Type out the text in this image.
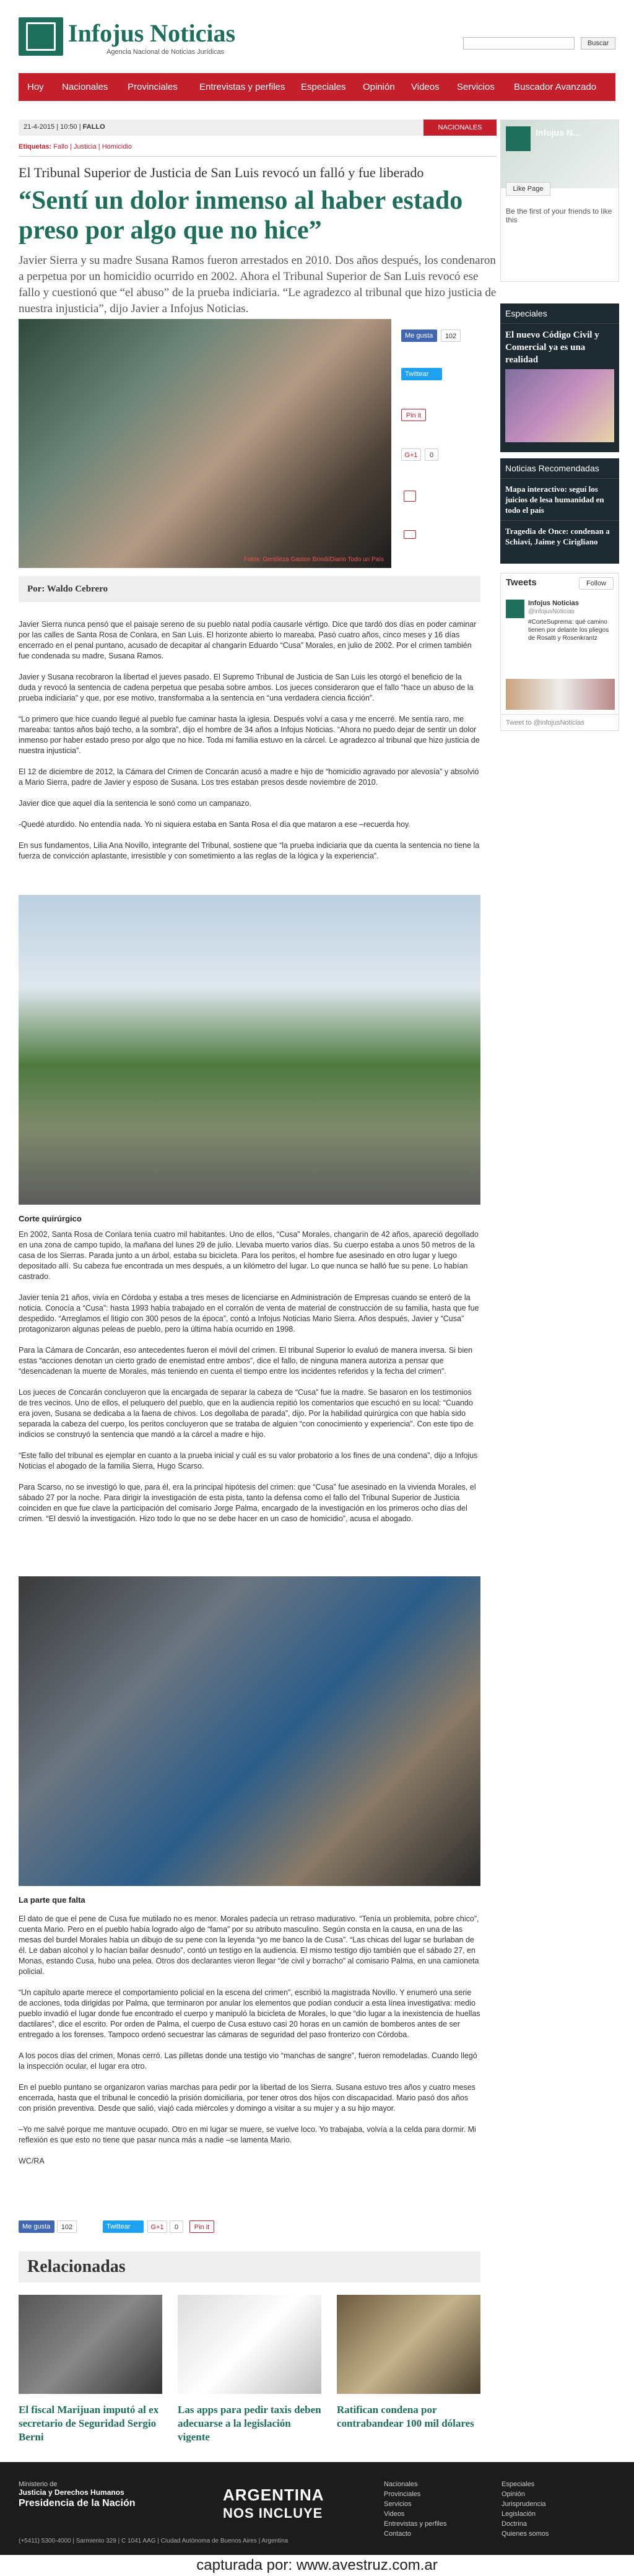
Infojus Noticias
Agencia Nacional de Noticias Jurídicas
Buscar
Hoy Nacionales Provinciales Entrevistas y perfiles Especiales Opinión Videos Servicios Buscador Avanzado
21-4-2015 | 10:50 | FALLO	NACIONALES
Etiquetas: Fallo | Justicia | Homicidio
El Tribunal Superior de Justicia de San Luis revocó un falló y fue liberado
“Sentí un dolor inmenso al haber estado preso por algo que no hice”
Javier Sierra y su madre Susana Ramos fueron arrestados en 2010. Dos años después, los condenaron a perpetua por un homicidio ocurrido en 2002. Ahora el Tribunal Superior de San Luis revocó ese fallo y cuestionó que “el abuso” de la prueba indiciaria. “Le agradezco al tribunal que hizo justicia de nuestra injusticia”, dijo Javier a Infojus Noticias.
Fotos: Gentileza Gaston Brindi/Diario Todo un País
Me gusta	102
Twittear
Pin it
G+1	0
Por: Waldo Cebrero

Javier Sierra nunca pensó que el paisaje sereno de su pueblo natal podía causarle vértigo. Dice que tardó dos días en poder caminar por las calles de Santa Rosa de Conlara, en San Luis. El horizonte abierto lo mareaba. Pasó cuatro años, cinco meses y 16 días encerrado en el penal puntano, acusado de decapitar al changarín Eduardo “Cusa” Morales, en julio de 2002. Por el crimen también fue condenada su madre, Susana Ramos.

Javier y Susana recobraron la libertad el jueves pasado. El Supremo Tribunal de Justicia de San Luis les otorgó el beneficio de la duda y revocó la sentencia de cadena perpetua que pesaba sobre ambos. Los jueces consideraron que el fallo “hace un abuso de la prueba indiciaria” y que, por ese motivo, transformaba a la sentencia en “una verdadera ciencia ficción”.

“Lo primero que hice cuando llegué al pueblo fue caminar hasta la iglesia. Después volví a casa y me encerré. Me sentía raro, me mareaba: tantos años bajó techo, a la sombra”, dijo el hombre de 34 años a Infojus Noticias. “Ahora no puedo dejar de sentir un dolor inmenso por haber estado preso por algo que no hice. Toda mi familia estuvo en la cárcel. Le agradezco al tribunal que hizo justicia de nuestra injusticia”.

El 12 de diciembre de 2012, la Cámara del Crimen de Concarán acusó a madre e hijo de “homicidio agravado por alevosía” y absolvió a Mario Sierra, padre de Javier y esposo de Susana. Los tres estaban presos desde noviembre de 2010.

Javier dice que aquel día la sentencia le sonó como un campanazo.

-Quedé aturdido. No entendía nada. Yo ni siquiera estaba en Santa Rosa el día que mataron a ese –recuerda hoy.

En sus fundamentos, Lilia Ana Novillo, integrante del Tribunal, sostiene que “la prueba indiciaria que da cuenta la sentencia no tiene la fuerza de convicción aplastante, irresistible y con sometimiento a las reglas de la lógica y la experiencia”.

Corte quirúrgico

En 2002, Santa Rosa de Conlara tenía cuatro mil habitantes. Uno de ellos, “Cusa” Morales, changarín de 42 años, apareció degollado en una zona de campo tupido, la mañana del lunes 29 de julio. Llevaba muerto varios días. Su cuerpo estaba a unos 50 metros de la casa de los Sierras. Parada junto a un árbol, estaba su bicicleta. Para los peritos, el hombre fue asesinado en otro lugar y luego depositado allí. Su cabeza fue encontrada un mes después, a un kilómetro del lugar. Lo que nunca se halló fue su pene. Lo habían castrado.

Javier tenía 21 años, vivía en Córdoba y estaba a tres meses de licenciarse en Administración de Empresas cuando se enteró de la noticia. Conocía a “Cusa”: hasta 1993 había trabajado en el corralón de venta de material de construcción de su familia, hasta que fue despedido. “Arreglamos el litigio con 300 pesos de la época”, contó a Infojus Noticias Mario Sierra. Años después, Javier y “Cusa” protagonizaron algunas peleas de pueblo, pero la última había ocurrido en 1998.

Para la Cámara de Concarán, eso antecedentes fueron el móvil del crimen. El tribunal Superior lo evaluó de manera inversa. Si bien estas “acciones denotan un cierto grado de enemistad entre ambos”, dice el fallo, de ninguna manera autoriza a pensar que “desencadenan la muerte de Morales, más teniendo en cuenta el tiempo entre los incidentes referidos y la fecha del crimen”.

Los jueces de Concarán concluyeron que la encargada de separar la cabeza de “Cusa” fue la madre. Se basaron en los testimonios de tres vecinos. Uno de ellos, el peluquero del pueblo, que en la audiencia repitió los comentarios que escuchó en su local: “Cuando era joven, Susana se dedicaba a la faena de chivos. Los degollaba de parada”, dijo. Por la habilidad quirúrgica con que había sido separada la cabeza del cuerpo, los peritos concluyeron que se trataba de alguien “con conocimiento y experiencia”. Con este tipo de indicios se construyó la sentencia que mandó a la cárcel a madre e hijo.

“Este fallo del tribunal es ejemplar en cuanto a la prueba inicial y cuál es su valor probatorio a los fines de una condena”, dijo a Infojus Noticias el abogado de la familia Sierra, Hugo Scarso.

Para Scarso, no se investigó lo que, para él, era la principal hipótesis del crimen: que “Cusa” fue asesinado en la vivienda Morales, el sábado 27 por la noche. Para dirigir la investigación de esta pista, tanto la defensa como el fallo del Tribunal Superior de Justicia coinciden en que fue clave la participación del comisario Jorge Palma, encargado de la investigación en los primeros ocho días del crimen. “El desvió la investigación. Hizo todo lo que no se debe hacer en un caso de homicidio”, acusa el abogado.

La parte que falta

El dato de que el pene de Cusa fue mutilado no es menor. Morales padecía un retraso madurativo. “Tenía un problemita, pobre chico”, cuenta Mario. Pero en el pueblo había logrado algo de “fama” por su atributo masculino. Según consta en la causa, en una de las mesas del burdel Morales había un dibujo de su pene con la leyenda “yo me banco la de Cusa”. “Las chicas del lugar se burlaban de él. Le daban alcohol y lo hacían bailar desnudo”, contó un testigo en la audiencia. El mismo testigo dijo también que el sábado 27, en Monas, estando Cusa, hubo una pelea. Otros dos declarantes vieron llegar “de civil y borracho” al comisario Palma, en una camioneta policial.

“Un capítulo aparte merece el comportamiento policial en la escena del crimen”, escribió la magistrada Novillo. Y enumeró una serie de acciones, toda dirigidas por Palma, que terminaron por anular los elementos que podían conducir a esta línea investigativa: medio pueblo invadió el lugar donde fue encontrado el cuerpo y manipuló la bicicleta de Morales, lo que “dio lugar a la inexistencia de huellas dactilares”, dice el escrito. Por orden de Palma, el cuerpo de Cusa estuvo casi 20 horas en un camión de bomberos antes de ser entregado a los forenses. Tampoco ordenó secuestrar las cámaras de seguridad del paso fronterizo con Córdoba.

A los pocos días del crimen, Monas cerró. Las pilletas donde una testigo vio “manchas de sangre”, fueron remodeladas. Cuando llegó la inspección ocular, el lugar era otro.

En el pueblo puntano se organizaron varias marchas para pedir por la libertad de los Sierra. Susana estuvo tres años y cuatro meses encerrada, hasta que el tribunal le concedió la prisión domiciliaria, por tener otros dos hijos con discapacidad. Mario pasó dos años con prisión preventiva. Desde que salió, viajó cada miércoles y domingo a visitar a su mujer y a su hijo mayor.

–Yo me salvé porque me mantuve ocupado. Otro en mi lugar se muere, se vuelve loco. Yo trabajaba, volvía a la celda para dormir. Mi reflexión es que esto no tiene que pasar nunca más a nadie –se lamenta Mario.

WC/RA

Me gusta	102	Twittear	G+1	0	Pin it
Relacionadas
El fiscal Marijuan imputó al ex secretario de Seguridad Sergio Berni
Las apps para pedir taxis deben adecuarse a la legislación vigente
Ratifican condena por contrabandear 100 mil dólares
Infojus N...
Like Page
Be the first of your friends to like this
Especiales
El nuevo Código Civil y Comercial ya es una realidad
Noticias Recomendadas
Mapa interactivo: seguí los juicios de lesa humanidad en todo el país
Tragedia de Once: condenan a Schiavi, Jaime y Cirigliano
Tweets	Follow
Infojus Noticias
@infojusNoticias
#CorteSuprema: qué camino tienen por delante los pliegos de Rosatti y Rosenkrantz
Tweet to @infojusNoticias
Ministerio de
Justicia y Derechos Humanos
Presidencia de la Nación	ARGENTINA
NOS INCLUYE
(+5411) 5300-4000 | Sarmiento 329 | C 1041 AAG | Ciudad Autónoma de Buenos Aires | Argentina
Nacionales
Provinciales
Servicios
Videos
Entrevistas y perfiles
Contacto
Especiales
Opinión
Jurisprudencia
Legislación
Doctrina
Quienes somos
capturada por: www.avestruz.com.ar
